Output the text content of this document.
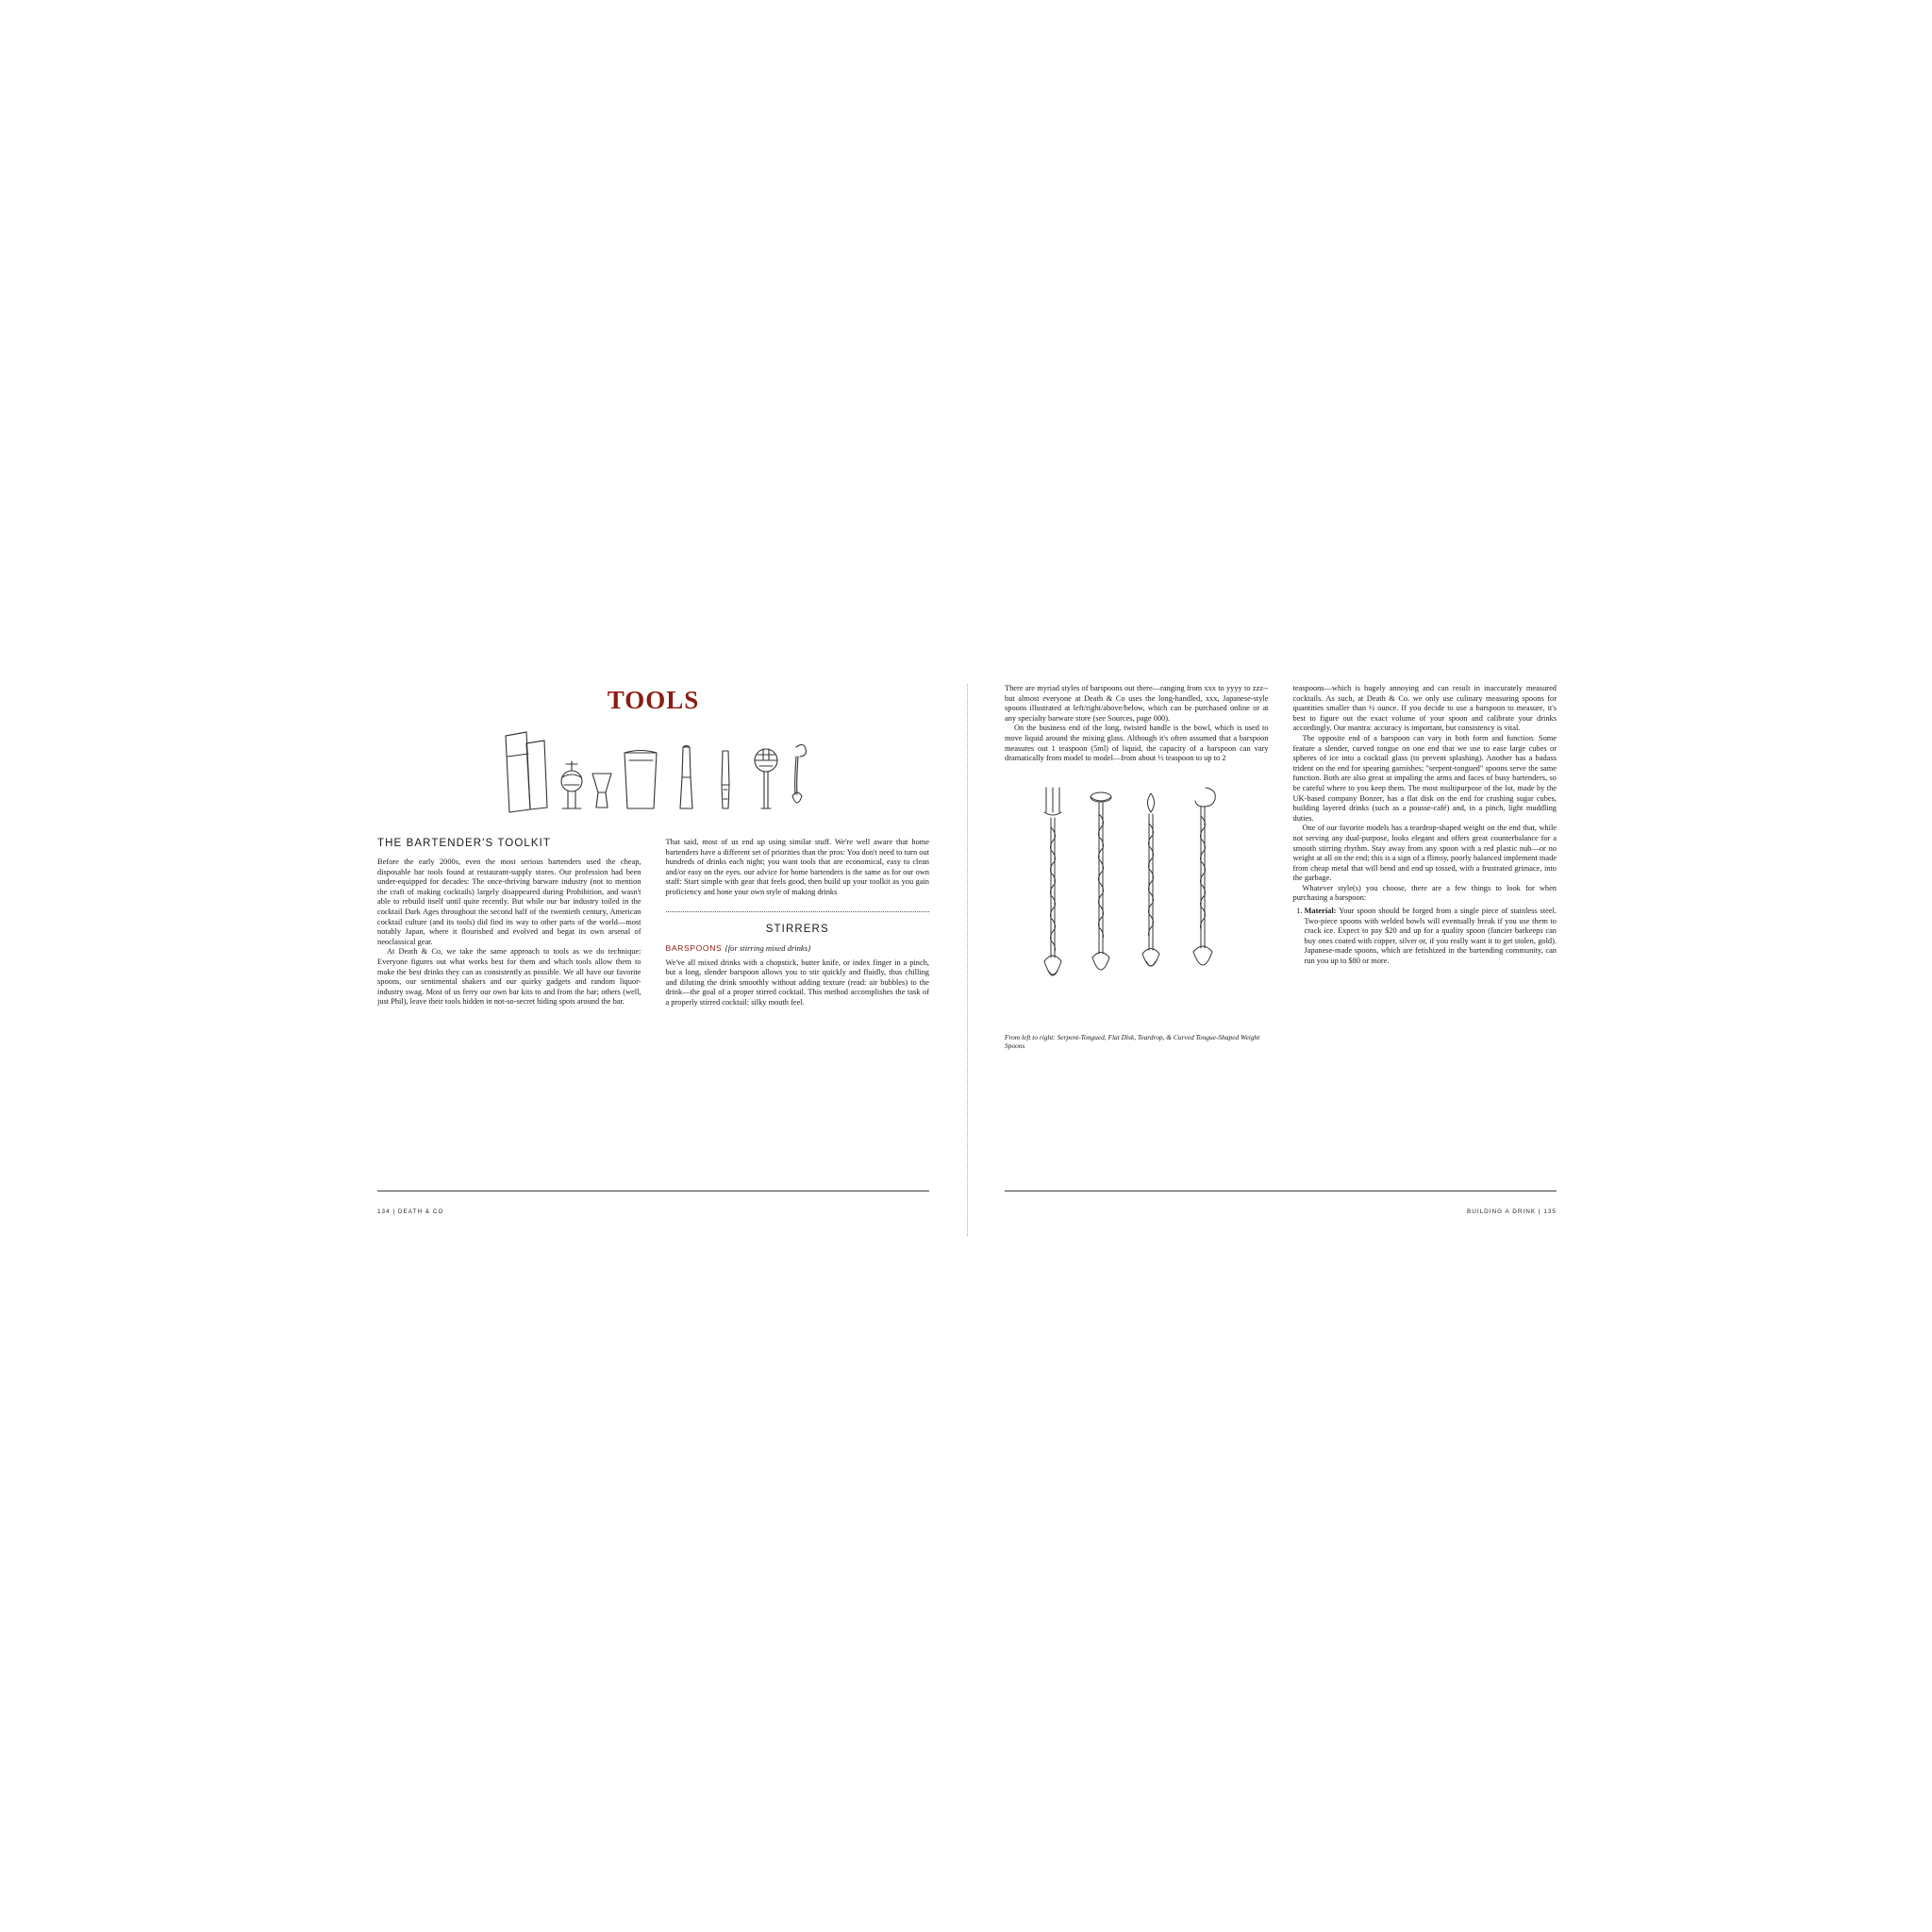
TOOLS
THE BARTENDER'S TOOLKIT

Before the early 2000s, even the most serious bartenders used the cheap, disposable bar tools found at restaurant-supply stores. Our profession had been under-equipped for decades: The once-thriving barware industry (not to mention the craft of making cocktails) largely disappeared during Prohibition, and wasn't able to rebuild itself until quite recently. But while our bar industry toiled in the cocktail Dark Ages throughout the second half of the twentieth century, American cocktail culture (and its tools) did find its way to other parts of the world—most notably Japan, where it flourished and evolved and begat its own arsenal of neoclassical gear.

At Death & Co, we take the same approach to tools as we do technique: Everyone figures out what works best for them and which tools allow them to make the best drinks they can as consistently as possible. We all have our favorite spoons, our sentimental shakers and our quirky gadgets and random liquor-industry swag. Most of us ferry our own bar kits to and from the bar; others (well, just Phil), leave their tools hidden in not-so-secret hiding spots around the bar.

That said, most of us end up using similar stuff. We're well aware that home bartenders have a different set of priorities than the pros: You don't need to turn out hundreds of drinks each night; you want tools that are economical, easy to clean and/or easy on the eyes. our advice for home bartenders is the same as for our own staff: Start simple with gear that feels good, then build up your toolkit as you gain proficiency and hone your own style of making drinks

STIRRERS

BARSPOONS {for stirring mixed drinks}

We've all mixed drinks with a chopstick, butter knife, or index finger in a pinch, but a long, slender barspoon allows you to stir quickly and fluidly, thus chilling and diluting the drink smoothly without adding texture (read: air bubbles) to the drink—the goal of a proper stirred cocktail. This method accomplishes the task of a properly stirred cocktail: silky mouth feel.

134 | DEATH & CO

There are myriad styles of barspoons out there—ranging from xxx to yyyy to zzz--but almost everyone at Death & Co uses the long-handled, xxx, Japanese-style spoons illustrated at left/right/above/below, which can be purchased online or at any specialty barware store (see Sources, page 000).

On the business end of the long, twisted handle is the bowl, which is used to move liquid around the mixing glass. Although it's often assumed that a barspoon measures out 1 teaspoon (5ml) of liquid, the capacity of a barspoon can vary dramatically from model to model—from about ⅓ teaspoon to up to 2

From left to right: Serpent-Tongued, Flat Disk, Teardrop, & Curved Tongue-Shaped Weight Spoons

teaspoons—which is hugely annoying and can result in inaccurately measured cocktails. As such, at Death & Co. we only use culinary measuring spoons for quantities smaller than ½ ounce. If you decide to use a barspoon to measure, it's best to figure out the exact volume of your spoon and calibrate your drinks accordingly. Our mantra: accuracy is important, but consistency is vital.

The opposite end of a barspoon can vary in both form and function. Some feature a slender, curved tongue on one end that we use to ease large cubes or spheres of ice into a cocktail glass (to prevent splashing). Another has a badass trident on the end for spearing garnishes; "serpent-tongued" spoons serve the same function. Both are also great at impaling the arms and faces of busy bartenders, so be careful where to you keep them. The most multipurpose of the lot, made by the UK-based company Bonzer, has a flat disk on the end for crushing sugar cubes, building layered drinks (such as a pousse-café) and, in a pinch, light muddling duties.

One of our favorite models has a teardrop-shaped weight on the end that, while not serving any dual-purpose, looks elegant and offers great counterbalance for a smooth stirring rhythm. Stay away from any spoon with a red plastic nub—or no weight at all on the end; this is a sign of a flimsy, poorly balanced implement made from cheap metal that will bend and end up tossed, with a frustrated grimace, into the garbage.

Whatever style(s) you choose, there are a few things to look for when purchasing a barspoon:

1. Material: Your spoon should be forged from a single piece of stainless steel. Two-piece spoons with welded bowls will eventually break if you use them to crack ice. Expect to pay $20 and up for a quality spoon (fancier barkeeps can buy ones coated with copper, silver or, if you really want it to get stolen, gold). Japanese-made spoons, which are fetishized in the bartending community, can run you up to $80 or more.
BUILDING A DRINK | 135
